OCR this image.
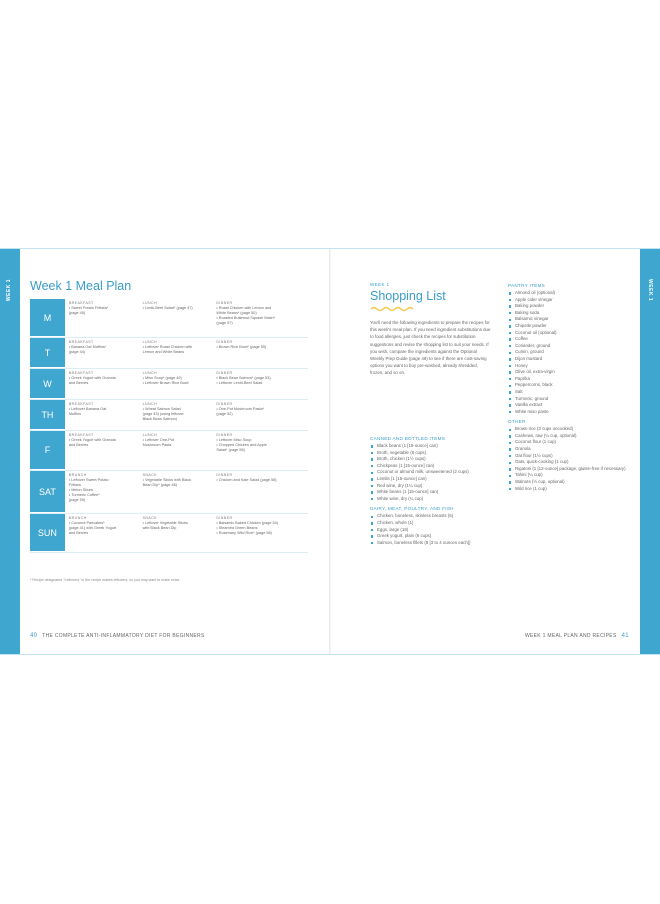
WEEK 1	WEEK 1
Week 1 Meal Plan
M
BREAKFAST
• Sweet Potato Frittata*
(page 45)
LUNCH
• Lentil-Beet Salad* (page 47)
DINNER
• Roast Chicken with Lemon and
White Beans* (page 50)
• Roasted Butternut Squash Mash*
(page 57)
T
BREAKFAST
• Banana Oat Muffins*
(page 44)
LUNCH
• Leftover Roast Chicken with
Lemon and White Beans
DINNER
• Brown Rice Bowl* (page 55)
W
BREAKFAST
• Greek Yogurt with Granola
and Berries
LUNCH
• Miso Soup* (page 49)
• Leftover Brown Rice Bowl
DINNER
• Black Bean Salmon* (page 53)
• Leftover Lentil-Beet Salad
TH
BREAKFAST
• Leftover Banana Oat
Muffins
LUNCH
• Wheat Salmon Salad
(page 43) (using leftover
Black Bean Salmon)
DINNER
• One-Pot Mushroom Pasta*
(page 52)
F
BREAKFAST
• Greek Yogurt with Granola
and Berries
LUNCH
• Leftover One-Pot
Mushroom Pasta
DINNER
• Leftover Miso Soup
• Chopped Chicken and Apple
Salad* (page 56)
SAT
BRUNCH
• Leftover Sweet Potato
Frittata
• Melon Slices
• Turmeric Coffee*
(page 59)
SNACK
• Vegetable Sticks with Black
Bean Dip* (page 46)
DINNER
• Chicken and Kale Salad (page 58)
SUN
BRUNCH
• Coconut Pancakes*
(page 41) with Greek Yogurt
and Berries
SNACK
• Leftover Vegetable Sticks
with Black Bean Dip
DINNER
• Balsamic Baked Chicken (page 54)
• Steamed Green Beans
• Rosemary Wild Rice* (page 58)
* Recipe designated "Leftovers" in the recipe makes leftovers, so you may want to make extra.
40 THE COMPLETE ANTI-INFLAMMATORY DIET FOR BEGINNERS
WEEK 1
Shopping List
You'll need the following ingredients to prepare the recipes for this week's meal plan. If you need ingredient substitutions due to food allergies, just check the recipes for substitution suggestions and revise the shopping list to suit your needs. If you wish, compare the ingredients against the Optional Weekly Prep Guide (page 48) to see if there are cost-saving options you want to buy pre-washed, already shredded, frozen, and so on.
CANNED AND BOTTLED ITEMS
Black beans (1 [15-ounce] can)
Broth, vegetable (8 cups)
Broth, chicken (1½ cups)
Chickpeas (1 [15-ounce] can)
Coconut or almond milk, unsweetened (2 cups)
Lentils (1 [15-ounce] can)
Red wine, dry (1¼ cup)
White beans (1 [15-ounce] can)
White wine, dry (¼ cup)
DAIRY, MEAT, POULTRY, AND FISH
Chicken, boneless, skinless breasts (6)
Chicken, whole (1)
Eggs, large (18)
Greek yogurt, plain (6 cups)
Salmon, boneless fillets (8 [3 to 4 ounces each])
PANTRY ITEMS
Almond oil (optional)
Apple cider vinegar
Baking powder
Baking soda
Balsamic vinegar
Chipotle powder
Coconut oil (optional)
Coffee
Coriander, ground
Cumin, ground
Dijon mustard
Honey
Olive oil, extra-virgin
Paprika
Peppercorns, black
Salt
Turmeric, ground
Vanilla extract
White miso paste
OTHER
Brown rice (3 cups uncooked)
Cashews, raw (¼ cup, optional)
Coconut flour (1 cup)
Granola
Oat flour (1½ cups)
Oats, quick-cooking (1 cup)
Rigatoni (1 [12-ounce] package, gluten-free if necessary)
Tahini (¼ cup)
Walnuts (½ cup, optional)
Wild rice (1 cup)
WEEK 1 MEAL PLAN AND RECIPES 41
